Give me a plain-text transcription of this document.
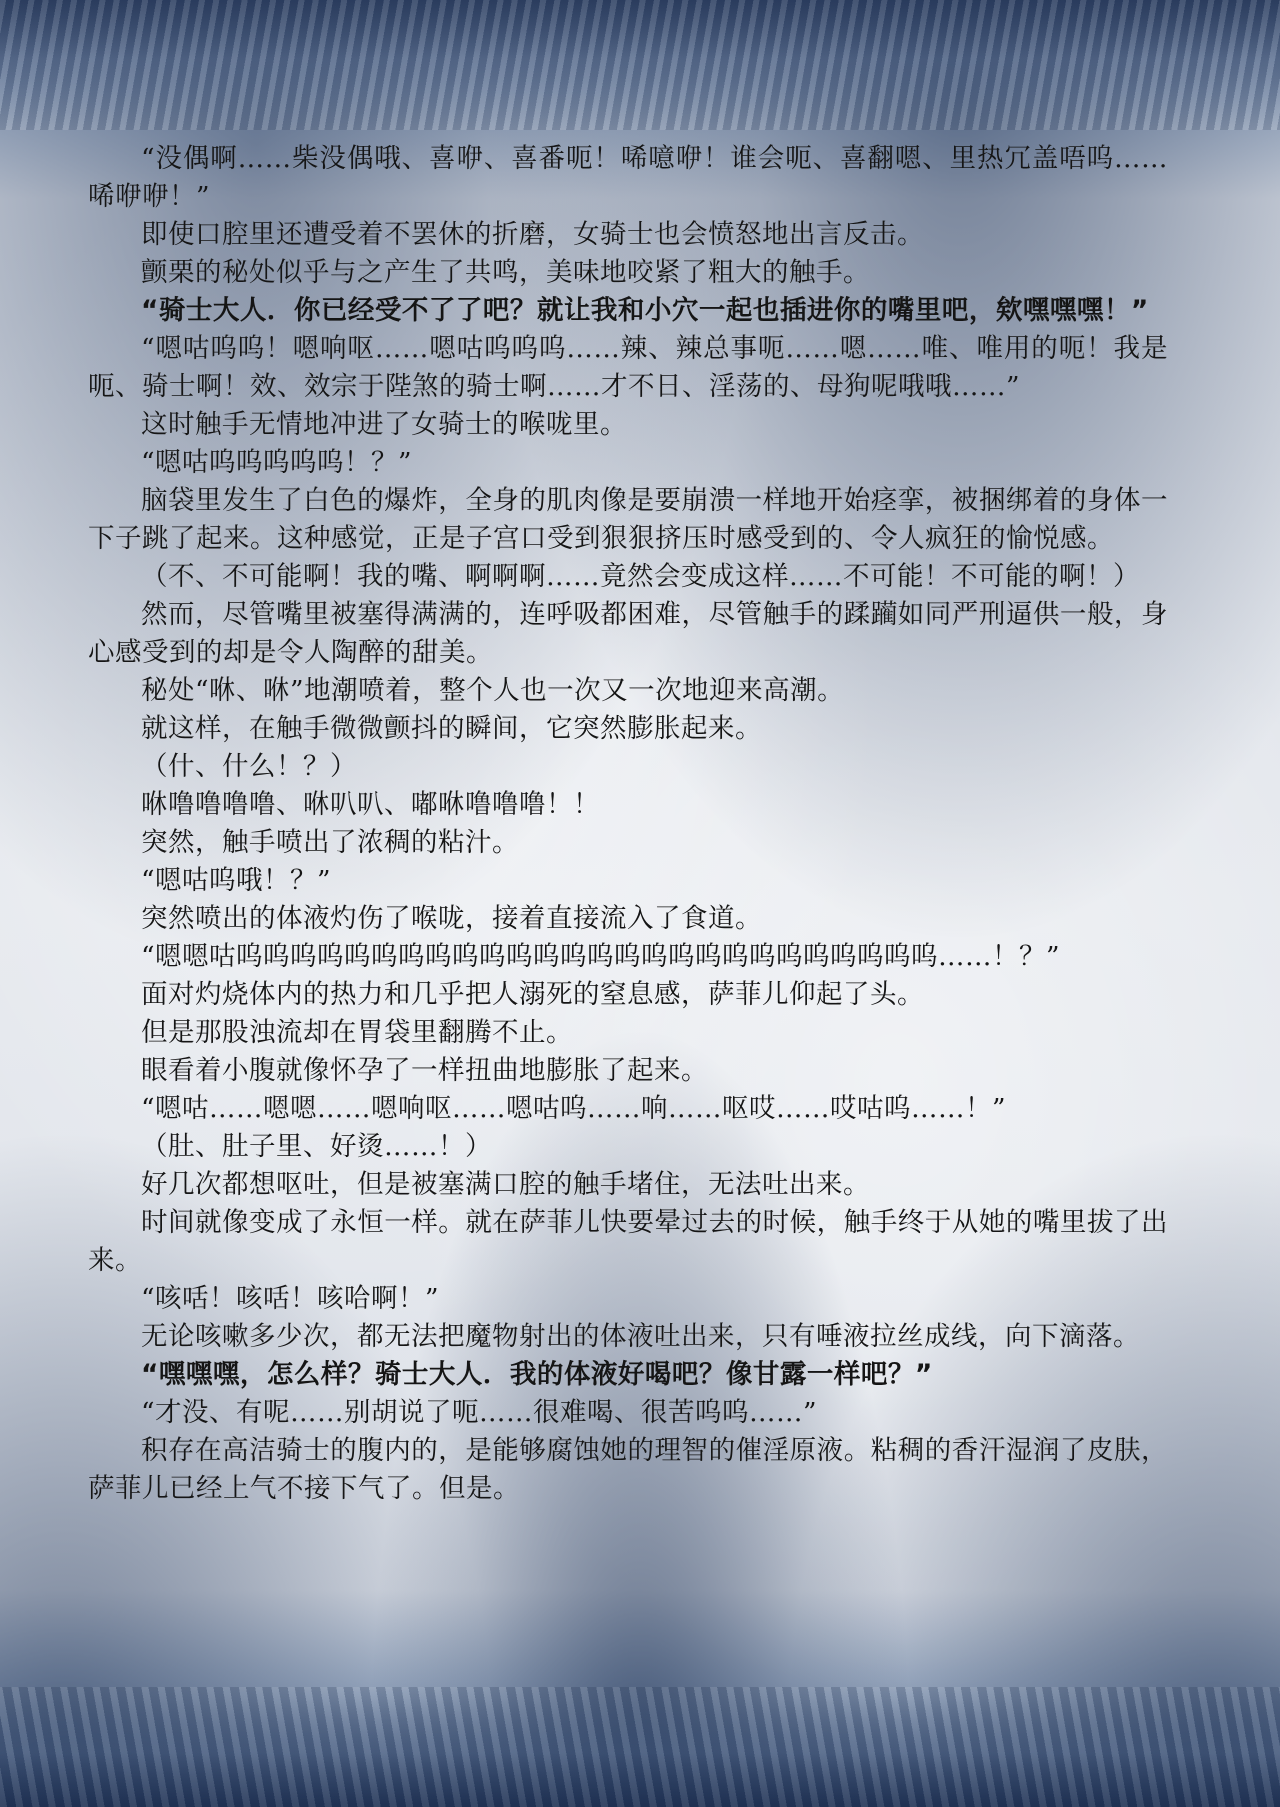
“没偶啊……柴没偶哦、喜咿、喜番呃！唏噫咿！谁会呃、喜翻嗯、里热冗盖唔呜……唏咿咿！”

即使口腔里还遭受着不罢休的折磨，女骑士也会愤怒地出言反击。

颤栗的秘处似乎与之产生了共鸣，美味地咬紧了粗大的触手。

“骑士大人．你已经受不了了吧？就让我和小穴一起也插进你的嘴里吧，欸嘿嘿嘿！”

“嗯咕呜呜！嗯响呕……嗯咕呜呜呜……辣、辣总事呃……嗯……唯、唯用的呃！我是呃、骑士啊！效、效宗于陛煞的骑士啊……才不日、淫荡的、母狗呢哦哦……”

这时触手无情地冲进了女骑士的喉咙里。

“嗯咕呜呜呜呜呜！？”

脑袋里发生了白色的爆炸，全身的肌肉像是要崩溃一样地开始痉挛，被捆绑着的身体一下子跳了起来。这种感觉，正是子宫口受到狠狠挤压时感受到的、令人疯狂的愉悦感。

（不、不可能啊！我的嘴、啊啊啊……竟然会变成这样……不可能！不可能的啊！）

然而，尽管嘴里被塞得满满的，连呼吸都困难，尽管触手的蹂躏如同严刑逼供一般，身心感受到的却是令人陶醉的甜美。

秘处“咻、咻”地潮喷着，整个人也一次又一次地迎来高潮。

就这样，在触手微微颤抖的瞬间，它突然膨胀起来。

（什、什么！？）

咻噜噜噜噜、咻叭叭、嘟咻噜噜噜！！

突然，触手喷出了浓稠的粘汁。

“嗯咕呜哦！？”

突然喷出的体液灼伤了喉咙，接着直接流入了食道。

“嗯嗯咕呜呜呜呜呜呜呜呜呜呜呜呜呜呜呜呜呜呜呜呜呜呜呜呜呜呜……！？”

面对灼烧体内的热力和几乎把人溺死的窒息感，萨菲儿仰起了头。

但是那股浊流却在胃袋里翻腾不止。

眼看着小腹就像怀孕了一样扭曲地膨胀了起来。

“嗯咕……嗯嗯……嗯响呕……嗯咕呜……响……呕哎……哎咕呜……！”

（肚、肚子里、好烫……！）

好几次都想呕吐，但是被塞满口腔的触手堵住，无法吐出来。

时间就像变成了永恒一样。就在萨菲儿快要晕过去的时候，触手终于从她的嘴里拔了出来。

“咳咶！咳咶！咳哈啊！”

无论咳嗽多少次，都无法把魔物射出的体液吐出来，只有唾液拉丝成线，向下滴落。

“嘿嘿嘿，怎么样？骑士大人．我的体液好喝吧？像甘露一样吧？”

“才没、有呢……别胡说了呃……很难喝、很苦呜呜……”

积存在高洁骑士的腹内的，是能够腐蚀她的理智的催淫原液。粘稠的香汗湿润了皮肤，萨菲儿已经上气不接下气了。但是。
